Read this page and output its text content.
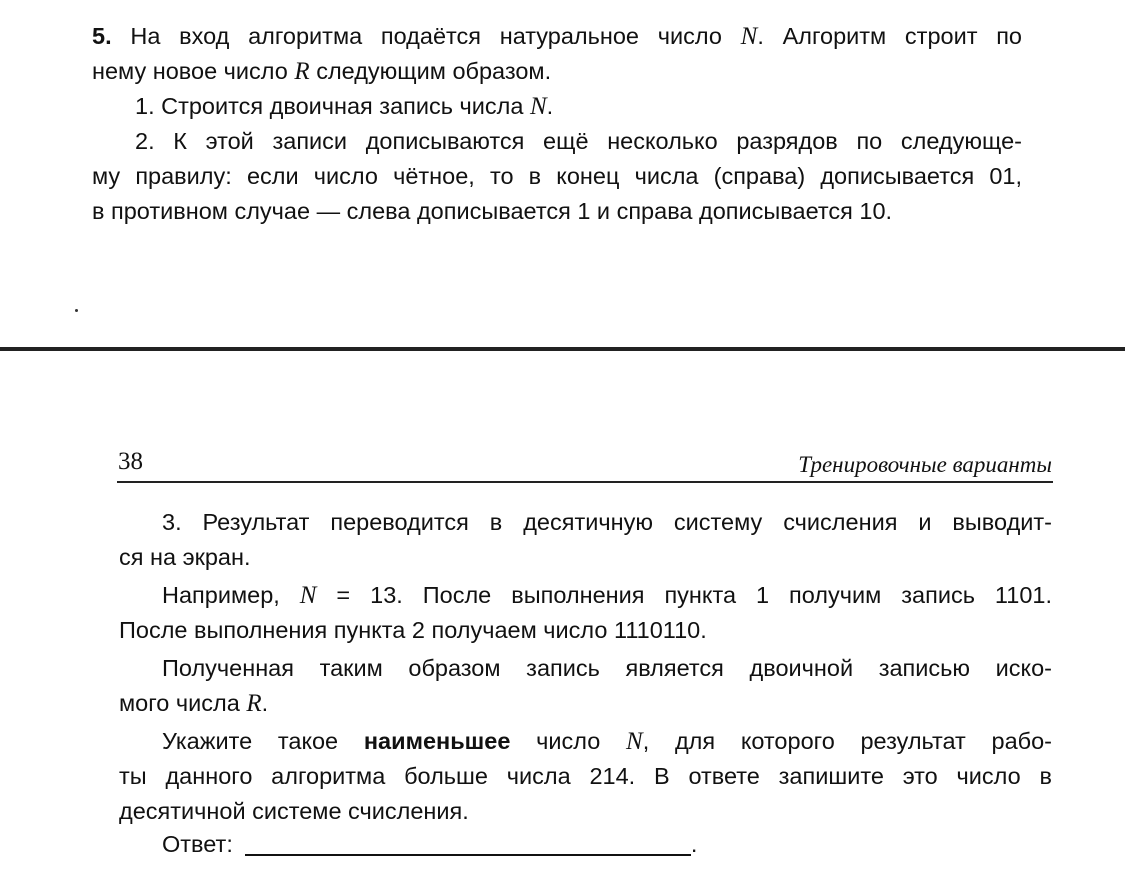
5. На вход алгоритма подаётся натуральное число N. Алгоритм строит по
нему новое число R следующим образом.
1. Строится двоичная запись числа N.
2. К этой записи дописываются ещё несколько разрядов по следующе-
му правилу: если число чётное, то в конец числа (справа) дописывается 01,
в противном случае — слева дописывается 1 и справа дописывается 10.
38	Тренировочные варианты
3. Результат переводится в десятичную систему счисления и выводит-
ся на экран.
Например, N = 13. После выполнения пункта 1 получим запись 1101.
После выполнения пункта 2 получаем число 1110110.
Полученная таким образом запись является двоичной записью иско-
мого числа R.
Укажите такое наименьшее число N, для которого результат рабо-
ты данного алгоритма больше числа 214. В ответе запишите это число в
десятичной системе счисления.
Ответ:	.
